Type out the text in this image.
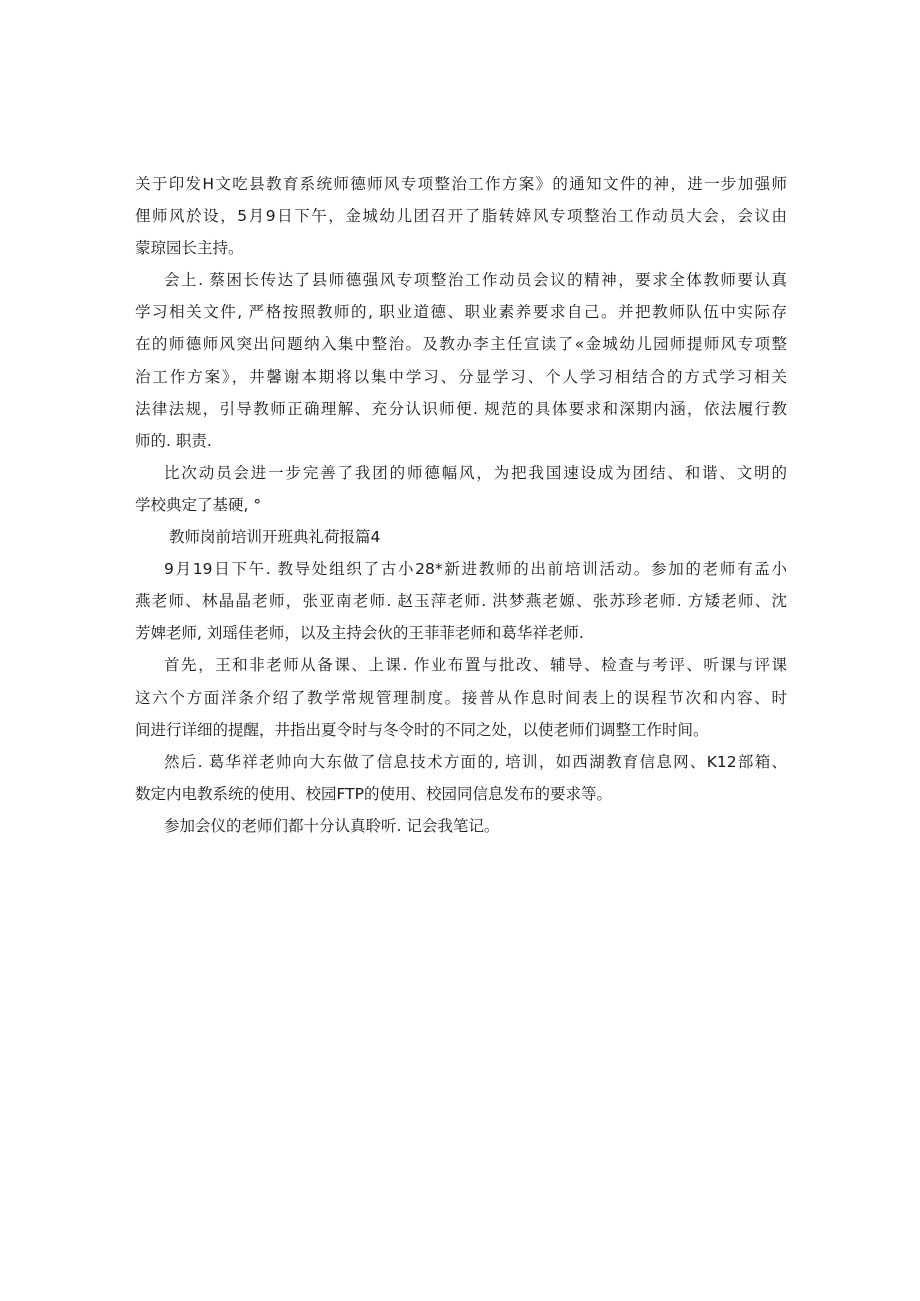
关于印发H文吃县教育系统师德师风专项整治工作方案》的通知文件的神，进一步加强师
俚师风於设，5月9日下午，金城幼儿团召开了脂转婞风专项整治工作动员大会，会议由
蒙琼园长主持。
会上. 蔡困长传达了县师德强风专项整治工作动员会议的精神，要求全体教师要认真
学习相关文件, 严格按照教师的, 职业道德、职业素养要求自己。并把教师队伍中实际存
在的师德师风突出问题纳入集中整治。及教办李主任宣读了«金城幼儿园师提师风专项整
治工作方案》，井馨谢本期将以集中学习、分显学习、个人学习相结合的方式学习相关
法律法规，引导教师正确理解、充分认识师便. 规范的具体要求和深期内涵，依法履行教
师的. 职责.
比次动员会进一步完善了我团的师德幅风，为把我国速设成为团结、和谐、文明的
学校典定了基硬, °
教师岗前培训开班典礼荷报篇4
9月19日下午. 教导处组织了古小28*新进教师的出前培训活动。参加的老师有孟小
燕老师、林晶晶老师，张亚南老师. 赵玉萍老师. 洪梦燕老嫄、张苏珍老师. 方矮老师、沈
芳婢老师, 刘瑶佳老师，以及主持会伙的王菲菲老师和葛华祥老师.
首先，王和非老师从备课、上课. 作业布置与批改、辅导、检查与考评、听课与评课
这六个方面洋条介绍了教学常规管理制度。接普从作息时间表上的误程节次和内容、时
间进行详细的提醒，井指出夏令时与冬令时的不同之处，以使老师们调整工作时间。
然后. 葛华祥老帅向大东做了信息技术方面的, 培训，如西湖教育信息网、K12部箱、
数定内电教系统的使用、校园FTP的使用、校园同信息发布的要求等。
参加会仪的老师们都十分认真聆听. 记会我笔记。
